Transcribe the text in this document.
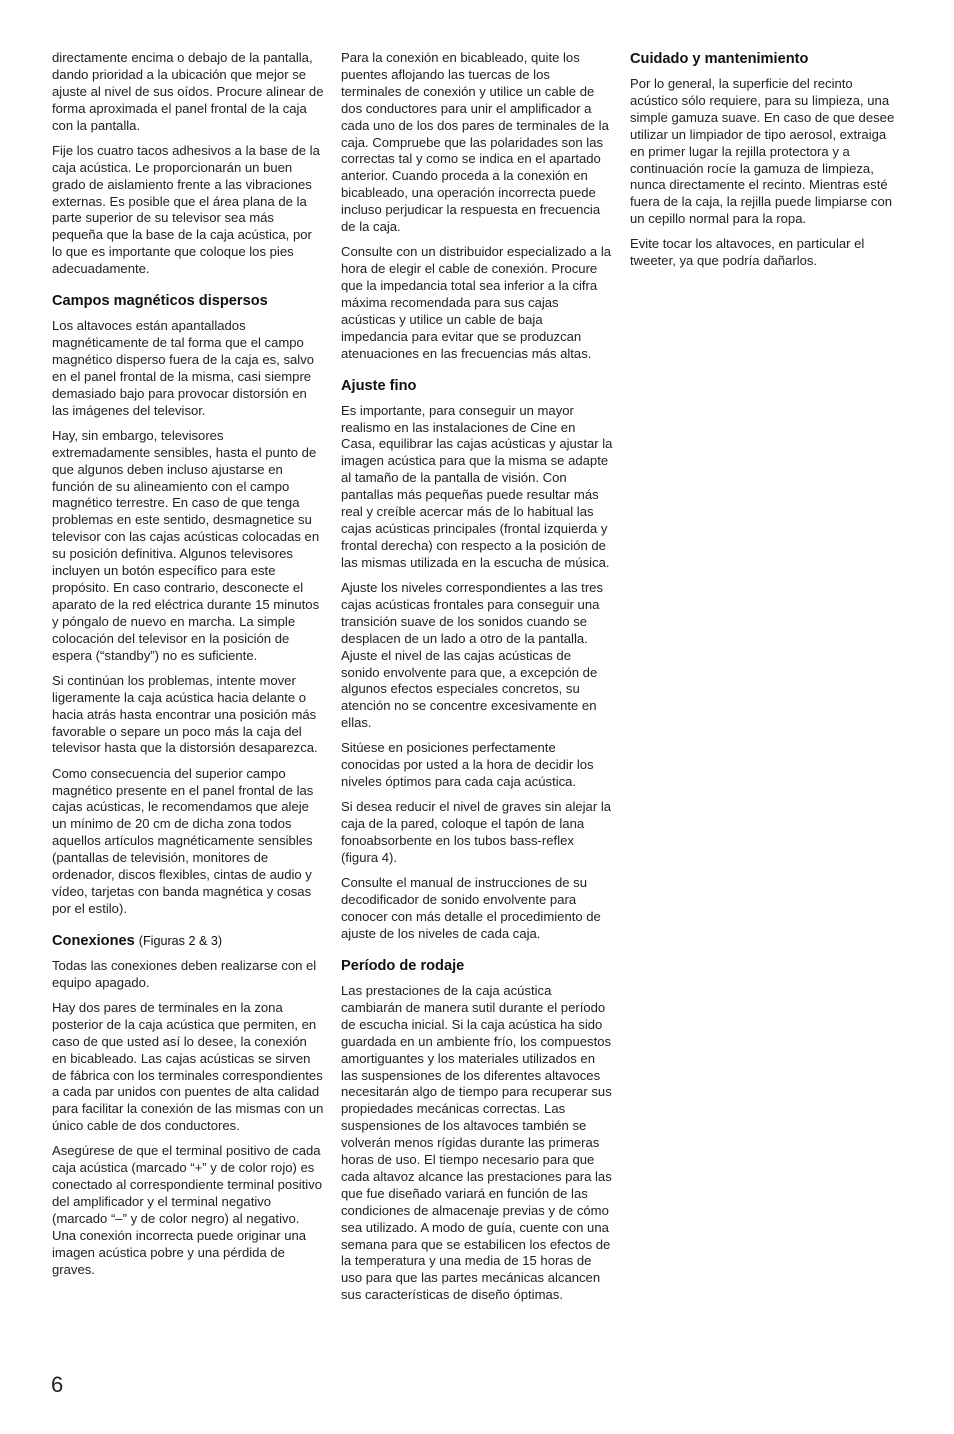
directamente encima o debajo de la pantalla, dando prioridad a la ubicación que mejor se ajuste al nivel de sus oídos. Procure alinear de forma aproximada el panel frontal de la caja con la pantalla.

Fije los cuatro tacos adhesivos a la base de la caja acústica. Le proporcionarán un buen grado de aislamiento frente a las vibraciones externas. Es posible que el área plana de la parte superior de su televisor sea más pequeña que la base de la caja acústica, por lo que es importante que coloque los pies adecuadamente.

Campos magnéticos dispersos

Los altavoces están apantallados magnéticamente de tal forma que el campo magnético disperso fuera de la caja es, salvo en el panel frontal de la misma, casi siempre demasiado bajo para provocar distorsión en las imágenes del televisor.

Hay, sin embargo, televisores extremadamente sensibles, hasta el punto de que algunos deben incluso ajustarse en función de su alineamiento con el campo magnético terrestre. En caso de que tenga problemas en este sentido, desmagnetice su televisor con las cajas acústicas colocadas en su posición definitiva. Algunos televisores incluyen un botón específico para este propósito. En caso contrario, desconecte el aparato de la red eléctrica durante 15 minutos y póngalo de nuevo en marcha. La simple colocación del televisor en la posición de espera (“standby”) no es suficiente.

Si continúan los problemas, intente mover ligeramente la caja acústica hacia delante o hacia atrás hasta encontrar una posición más favorable o separe un poco más la caja del televisor hasta que la distorsión desaparezca.

Como consecuencia del superior campo magnético presente en el panel frontal de las cajas acústicas, le recomendamos que aleje un mínimo de 20 cm de dicha zona todos aquellos artículos magnéticamente sensibles (pantallas de televisión, monitores de ordenador, discos flexibles, cintas de audio y vídeo, tarjetas con banda magnética y cosas por el estilo).

Conexiones (Figuras 2 & 3)

Todas las conexiones deben realizarse con el equipo apagado.

Hay dos pares de terminales en la zona posterior de la caja acústica que permiten, en caso de que usted así lo desee, la conexión en bicableado. Las cajas acústicas se sirven de fábrica con los terminales correspondientes a cada par unidos con puentes de alta calidad para facilitar la conexión de las mismas con un único cable de dos conductores.

Asegúrese de que el terminal positivo de cada caja acústica (marcado “+” y de color rojo) es conectado al correspondiente terminal positivo del amplificador y el terminal negativo (marcado “–” y de color negro) al negativo. Una conexión incorrecta puede originar una imagen acústica pobre y una pérdida de graves.

Para la conexión en bicableado, quite los puentes aflojando las tuercas de los terminales de conexión y utilice un cable de dos conductores para unir el amplificador a cada uno de los dos pares de terminales de la caja. Compruebe que las polaridades son las correctas tal y como se indica en el apartado anterior. Cuando proceda a la conexión en bicableado, una operación incorrecta puede incluso perjudicar la respuesta en frecuencia de la caja.

Consulte con un distribuidor especializado a la hora de elegir el cable de conexión. Procure que la impedancia total sea inferior a la cifra máxima recomendada para sus cajas acústicas y utilice un cable de baja impedancia para evitar que se produzcan atenuaciones en las frecuencias más altas.

Ajuste fino

Es importante, para conseguir un mayor realismo en las instalaciones de Cine en Casa, equilibrar las cajas acústicas y ajustar la imagen acústica para que la misma se adapte al tamaño de la pantalla de visión. Con pantallas más pequeñas puede resultar más real y creíble acercar más de lo habitual las cajas acústicas principales (frontal izquierda y frontal derecha) con respecto a la posición de las mismas utilizada en la escucha de música.

Ajuste los niveles correspondientes a las tres cajas acústicas frontales para conseguir una transición suave de los sonidos cuando se desplacen de un lado a otro de la pantalla. Ajuste el nivel de las cajas acústicas de sonido envolvente para que, a excepción de algunos efectos especiales concretos, su atención no se concentre excesivamente en ellas.

Sitúese en posiciones perfectamente conocidas por usted a la hora de decidir los niveles óptimos para cada caja acústica.

Si desea reducir el nivel de graves sin alejar la caja de la pared, coloque el tapón de lana fonoabsorbente en los tubos bass-reflex (figura 4).

Consulte el manual de instrucciones de su decodificador de sonido envolvente para conocer con más detalle el procedimiento de ajuste de los niveles de cada caja.

Período de rodaje

Las prestaciones de la caja acústica cambiarán de manera sutil durante el período de escucha inicial. Si la caja acústica ha sido guardada en un ambiente frío, los compuestos amortiguantes y los materiales utilizados en las suspensiones de los diferentes altavoces necesitarán algo de tiempo para recuperar sus propiedades mecánicas correctas. Las suspensiones de los altavoces también se volverán menos rígidas durante las primeras horas de uso. El tiempo necesario para que cada altavoz alcance las prestaciones para las que fue diseñado variará en función de las condiciones de almacenaje previas y de cómo sea utilizado. A modo de guía, cuente con una semana para que se estabilicen los efectos de la temperatura y una media de 15 horas de uso para que las partes mecánicas alcancen sus características de diseño óptimas.

Cuidado y mantenimiento

Por lo general, la superficie del recinto acústico sólo requiere, para su limpieza, una simple gamuza suave. En caso de que desee utilizar un limpiador de tipo aerosol, extraiga en primer lugar la rejilla protectora y a continuación rocíe la gamuza de limpieza, nunca directamente el recinto. Mientras esté fuera de la caja, la rejilla puede limpiarse con un cepillo normal para la ropa.

Evite tocar los altavoces, en particular el tweeter, ya que podría dañarlos.

6
